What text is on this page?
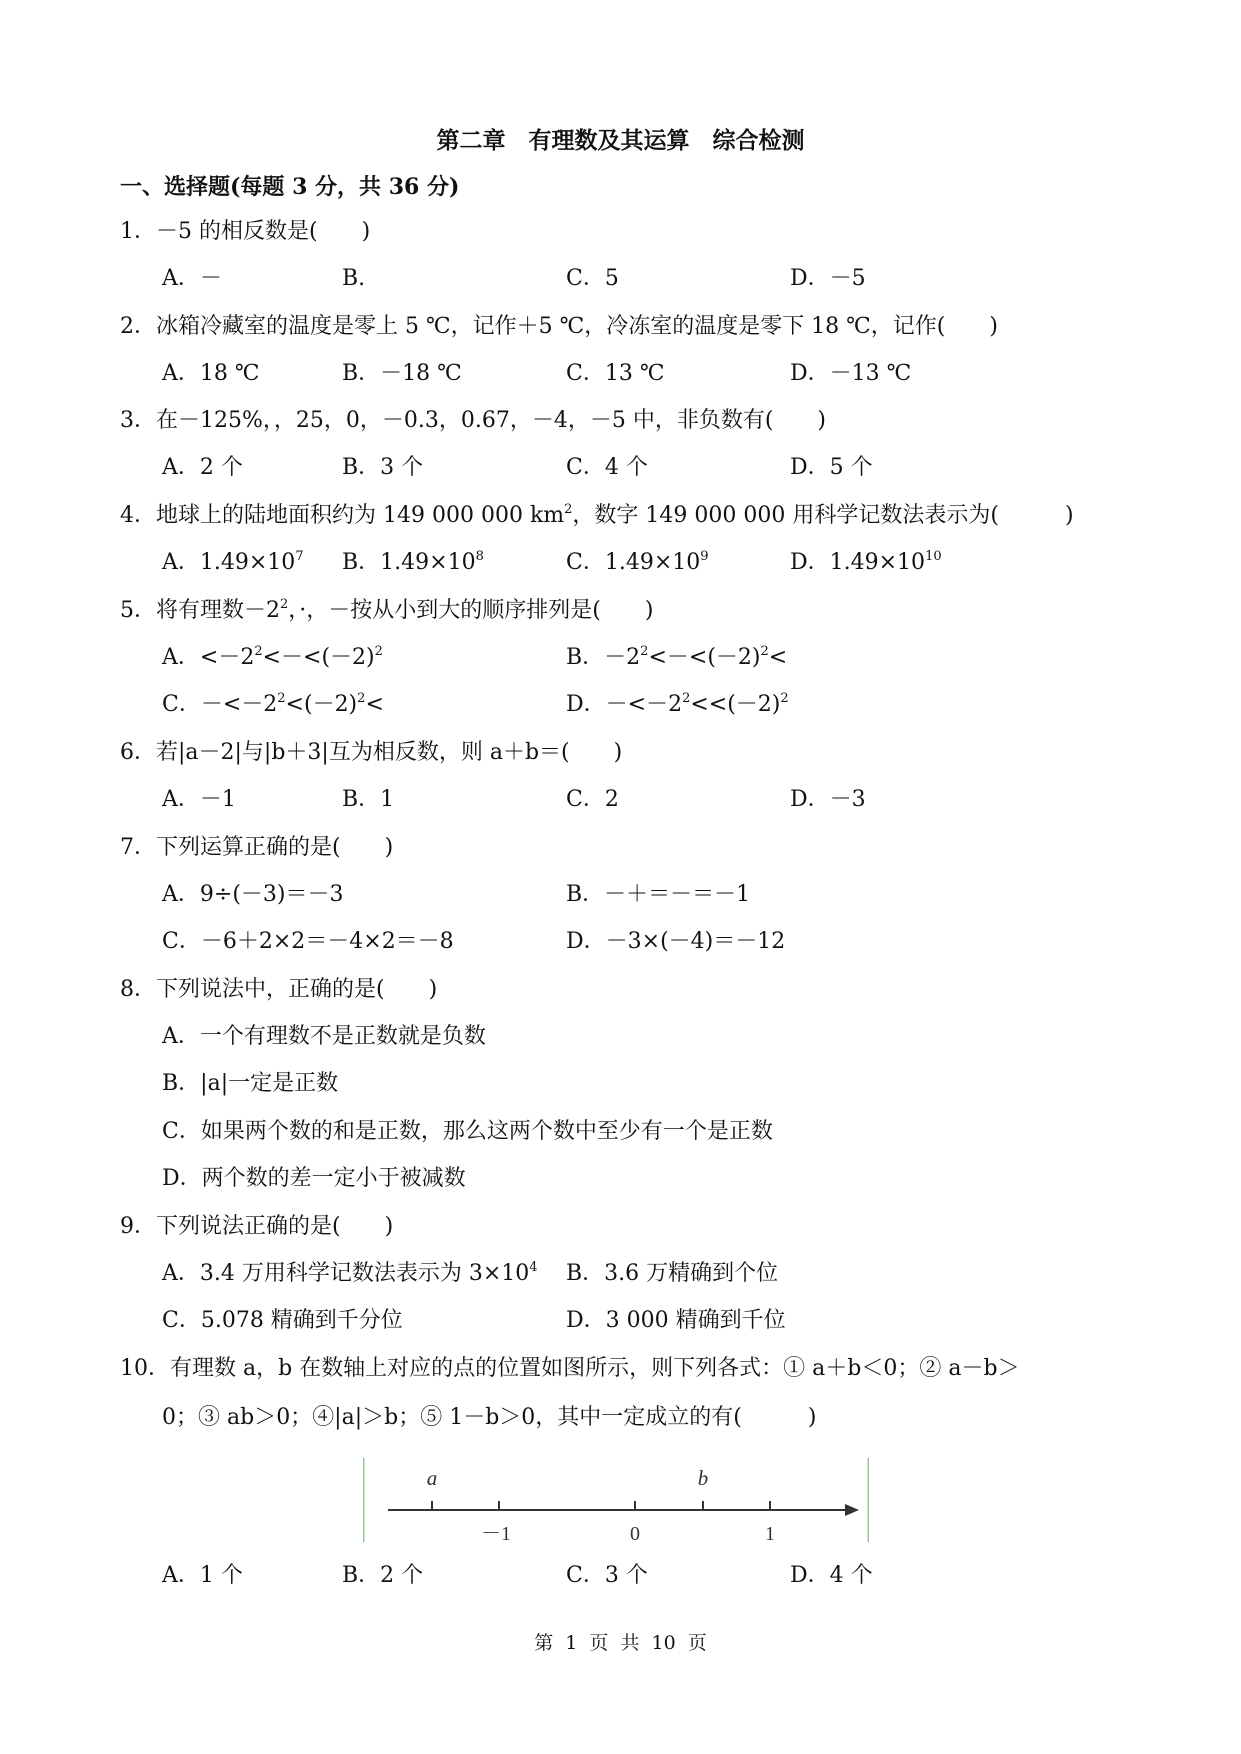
第二章　有理数及其运算　综合检测
一、选择题(每题 3 分，共 36 分)
1．－5 的相反数是(　　)
A．－	B.	C．5	D．－5
2．冰箱冷藏室的温度是零上 5 ℃，记作＋5 ℃，冷冻室的温度是零下 18 ℃，记作(　　)
A．18 ℃	B．－18 ℃	C．13 ℃	D．－13 ℃
3．在－125%，，25，0，－0.3，0.67，－4，－5 中，非负数有(　　)
A．2 个	B．3 个	C．4 个	D．5 个
4．地球上的陆地面积约为 149 000 000 $km^2$，数字 149 000 000 用科学记数法表示为(　　　)
A．$1.49\times 10^7$ B．$1.49\times 10^8$	C．$1.49\times 10^9$	D．$1.49\times 10^{10}$
5．将有理数$-2^2$，·，－按从小到大的顺序排列是(　　)
A．$<-2^2<-<(-2)^2$	B．$-2^2<-<(-2)^2<$
C．$-<-2^2<(-2)^2<$	D．$-<-2^2<<(-2)^2$
6．若|a－2|与|b＋3|互为相反数，则 a＋b＝(　　)
A．－1	B．1	C．2	D．－3
7．下列运算正确的是(　　)
A．9÷(－3)＝－3	B．－＋＝－＝－1
C．－6＋2×2＝－4×2＝－8	D．－3×(－4)＝－12
8．下列说法中，正确的是(　　)
A．一个有理数不是正数就是负数
B．|a|一定是正数
C．如果两个数的和是正数，那么这两个数中至少有一个是正数
D．两个数的差一定小于被减数
9．下列说法正确的是(　　)
A．3.4 万用科学记数法表示为 $3\times 10^4$ B．3.6 万精确到个位
C．5.078 精确到千分位	D．3 000 精确到千位
10．有理数 a，b 在数轴上对应的点的位置如图所示，则下列各式：① a＋b＜0；② a－b＞
0；③ ab＞0；④|a|＞b；⑤ 1－b＞0，其中一定成立的有(　　　)
a	b
－1	0	1
A．1 个	B．2 个	C．3 个	D．4 个
第 1 页 共 10 页
